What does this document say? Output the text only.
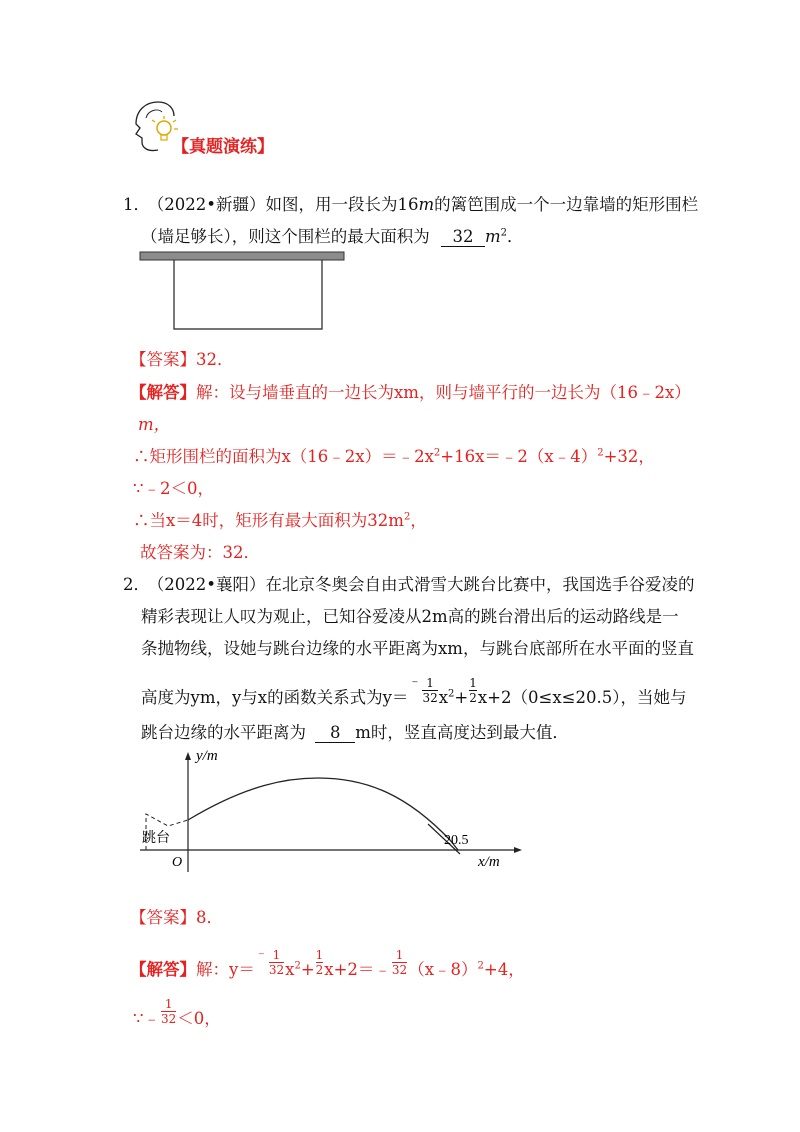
【真题演练】
1． （2022•新疆）如图，用一段长为16m的篱笆围成一个一边靠墙的矩形围栏
（墙足够长），则这个围栏的最大面积为 32 $m^2$．
【答案】32．
【解答】解：设与墙垂直的一边长为xm，则与墙平行的一边长为（16﹣2x）
m，
∴矩形围栏的面积为$x(16﹣2x)=﹣2x^2+16x=﹣2(x﹣4)^2+32$，
∵﹣2＜0，
∴当x＝4时，矩形有最大面积为$32m^2$，
故答案为：32．
2． （2022•襄阳）在北京冬奥会自由式滑雪大跳台比赛中，我国选手谷爱凌的
精彩表现让人叹为观止，已知谷爱凌从2m高的跳台滑出后的运动路线是一
条抛物线，设她与跳台边缘的水平距离为xm，与跳台底部所在水平面的竖直
高度为ym，y与x的函数关系式为$y=^﹣ \frac{1}{32} x^2+ \frac{1}{2} x+2(0\le x\le 20.5)$，当她与
跳台边缘的水平距离为 8 m时，竖直高度达到最大值．
y/m
x/m
O
跳台	20.5
【答案】8．
【解答】解：$y=^﹣ \frac{1}{32} x^2+ \frac{1}{2}$ x+2＝﹣ $\frac{1}{32}$ （x﹣8）$^2$+4，
∵﹣ $\frac{1}{32} <0$，
